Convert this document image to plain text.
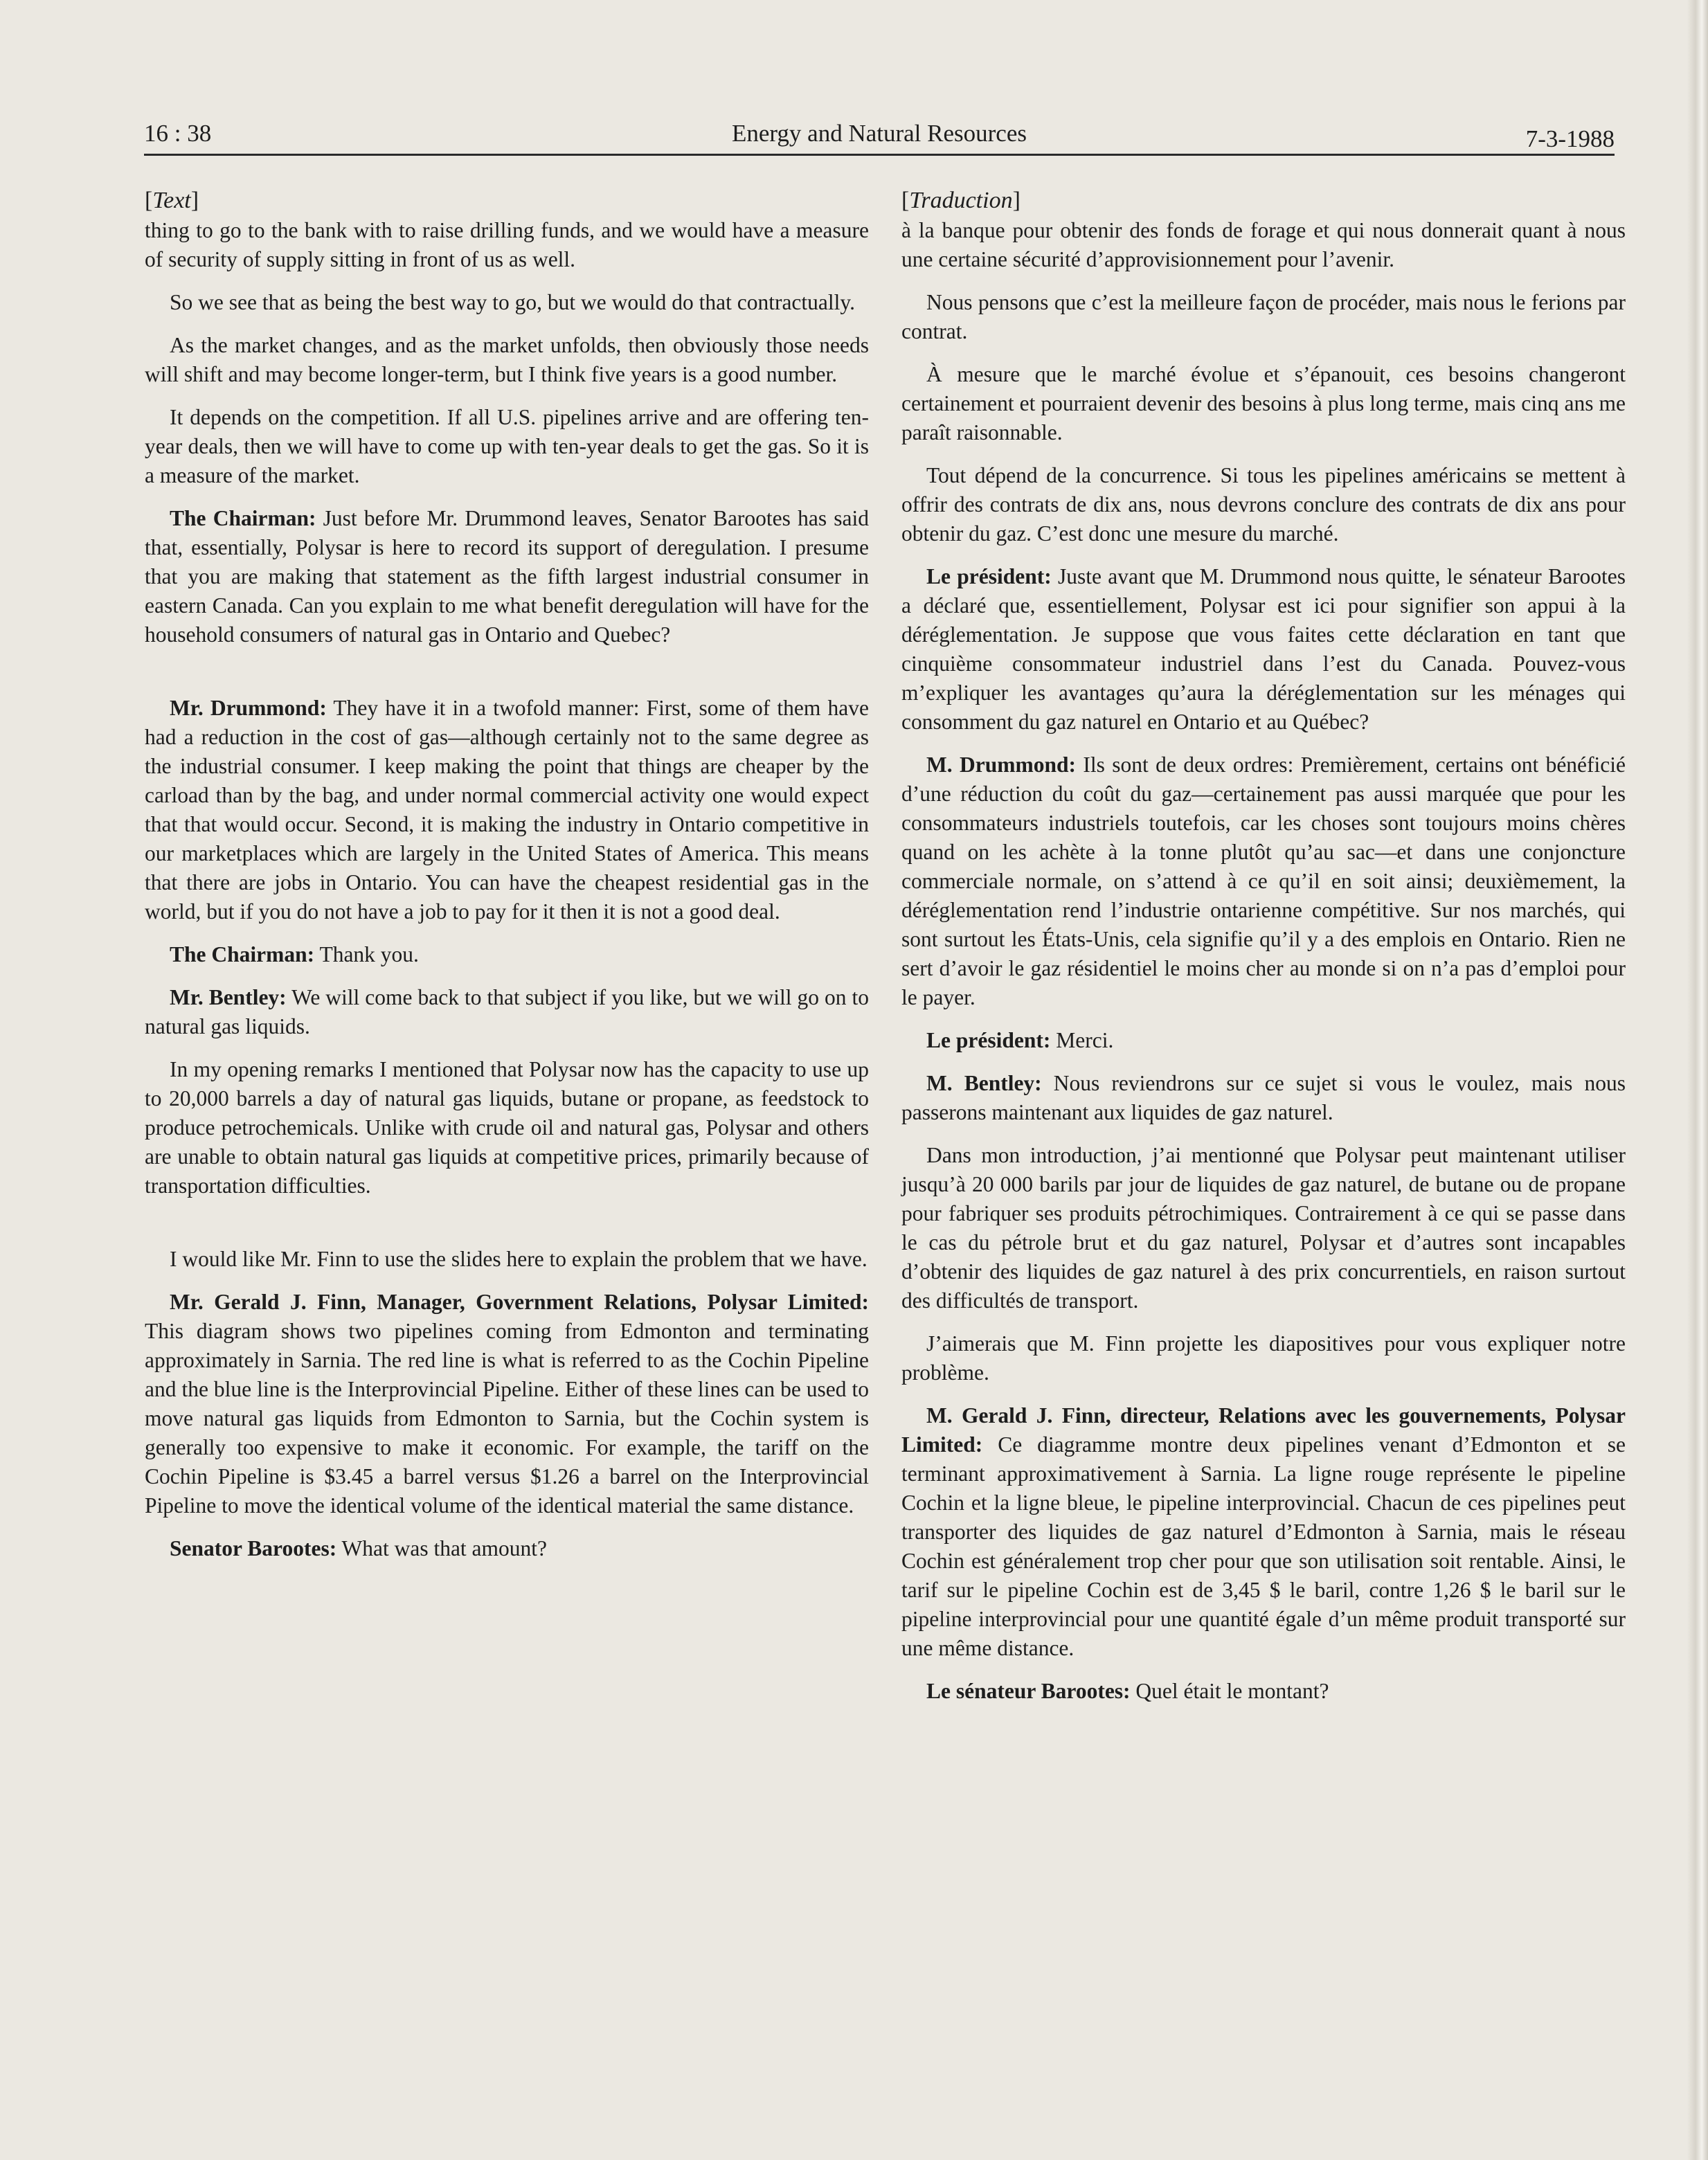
16 : 38	Energy and Natural Resources	7-3-1988
[Text]

thing to go to the bank with to raise drilling funds, and we would have a measure of security of supply sitting in front of us as well.

So we see that as being the best way to go, but we would do that contractually.

As the market changes, and as the market unfolds, then obviously those needs will shift and may become longer-term, but I think five years is a good number.

It depends on the competition. If all U.S. pipelines arrive and are offering ten-year deals, then we will have to come up with ten-year deals to get the gas. So it is a measure of the market.

The Chairman: Just before Mr. Drummond leaves, Senator Barootes has said that, essentially, Polysar is here to record its support of deregulation. I presume that you are making that statement as the fifth largest industrial consumer in eastern Canada. Can you explain to me what benefit deregulation will have for the household consumers of natural gas in Ontario and Quebec?

Mr. Drummond: They have it in a twofold manner: First, some of them have had a reduction in the cost of gas—although certainly not to the same degree as the industrial consumer. I keep making the point that things are cheaper by the carload than by the bag, and under normal commercial activity one would expect that that would occur. Second, it is making the industry in Ontario competitive in our marketplaces which are largely in the United States of America. This means that there are jobs in Ontario. You can have the cheapest residential gas in the world, but if you do not have a job to pay for it then it is not a good deal.

The Chairman: Thank you.

Mr. Bentley: We will come back to that subject if you like, but we will go on to natural gas liquids.

In my opening remarks I mentioned that Polysar now has the capacity to use up to 20,000 barrels a day of natural gas liquids, butane or propane, as feedstock to produce petrochemicals. Unlike with crude oil and natural gas, Polysar and others are unable to obtain natural gas liquids at competitive prices, primarily because of transportation difficulties.

I would like Mr. Finn to use the slides here to explain the problem that we have.

Mr. Gerald J. Finn, Manager, Government Relations, Polysar Limited: This diagram shows two pipelines coming from Edmonton and terminating approximately in Sarnia. The red line is what is referred to as the Cochin Pipeline and the blue line is the Interprovincial Pipeline. Either of these lines can be used to move natural gas liquids from Edmonton to Sarnia, but the Cochin system is generally too expensive to make it economic. For example, the tariff on the Cochin Pipeline is $3.45 a barrel versus $1.26 a barrel on the Interprovincial Pipeline to move the identical volume of the identical material the same distance.

Senator Barootes: What was that amount?

[Traduction]

à la banque pour obtenir des fonds de forage et qui nous donnerait quant à nous une certaine sécurité d’approvisionnement pour l’avenir.

Nous pensons que c’est la meilleure façon de procéder, mais nous le ferions par contrat.

À mesure que le marché évolue et s’épanouit, ces besoins changeront certainement et pourraient devenir des besoins à plus long terme, mais cinq ans me paraît raisonnable.

Tout dépend de la concurrence. Si tous les pipelines américains se mettent à offrir des contrats de dix ans, nous devrons conclure des contrats de dix ans pour obtenir du gaz. C’est donc une mesure du marché.

Le président: Juste avant que M. Drummond nous quitte, le sénateur Barootes a déclaré que, essentiellement, Polysar est ici pour signifier son appui à la déréglementation. Je suppose que vous faites cette déclaration en tant que cinquième consommateur industriel dans l’est du Canada. Pouvez-vous m’expliquer les avantages qu’aura la déréglementation sur les ménages qui consomment du gaz naturel en Ontario et au Québec?

M. Drummond: Ils sont de deux ordres: Premièrement, certains ont bénéficié d’une réduction du coût du gaz—certainement pas aussi marquée que pour les consommateurs industriels toutefois, car les choses sont toujours moins chères quand on les achète à la tonne plutôt qu’au sac—et dans une conjoncture commerciale normale, on s’attend à ce qu’il en soit ainsi; deuxièmement, la déréglementation rend l’industrie ontarienne compétitive. Sur nos marchés, qui sont surtout les États-Unis, cela signifie qu’il y a des emplois en Ontario. Rien ne sert d’avoir le gaz résidentiel le moins cher au monde si on n’a pas d’emploi pour le payer.

Le président: Merci.

M. Bentley: Nous reviendrons sur ce sujet si vous le voulez, mais nous passerons maintenant aux liquides de gaz naturel.

Dans mon introduction, j’ai mentionné que Polysar peut maintenant utiliser jusqu’à 20 000 barils par jour de liquides de gaz naturel, de butane ou de propane pour fabriquer ses produits pétrochimiques. Contrairement à ce qui se passe dans le cas du pétrole brut et du gaz naturel, Polysar et d’autres sont incapables d’obtenir des liquides de gaz naturel à des prix concurrentiels, en raison surtout des difficultés de transport.

J’aimerais que M. Finn projette les diapositives pour vous expliquer notre problème.

M. Gerald J. Finn, directeur, Relations avec les gouvernements, Polysar Limited: Ce diagramme montre deux pipelines venant d’Edmonton et se terminant approximativement à Sarnia. La ligne rouge représente le pipeline Cochin et la ligne bleue, le pipeline interprovincial. Chacun de ces pipelines peut transporter des liquides de gaz naturel d’Edmonton à Sarnia, mais le réseau Cochin est généralement trop cher pour que son utilisation soit rentable. Ainsi, le tarif sur le pipeline Cochin est de 3,45 $ le baril, contre 1,26 $ le baril sur le pipeline interprovincial pour une quantité égale d’un même produit transporté sur une même distance.

Le sénateur Barootes: Quel était le montant?
